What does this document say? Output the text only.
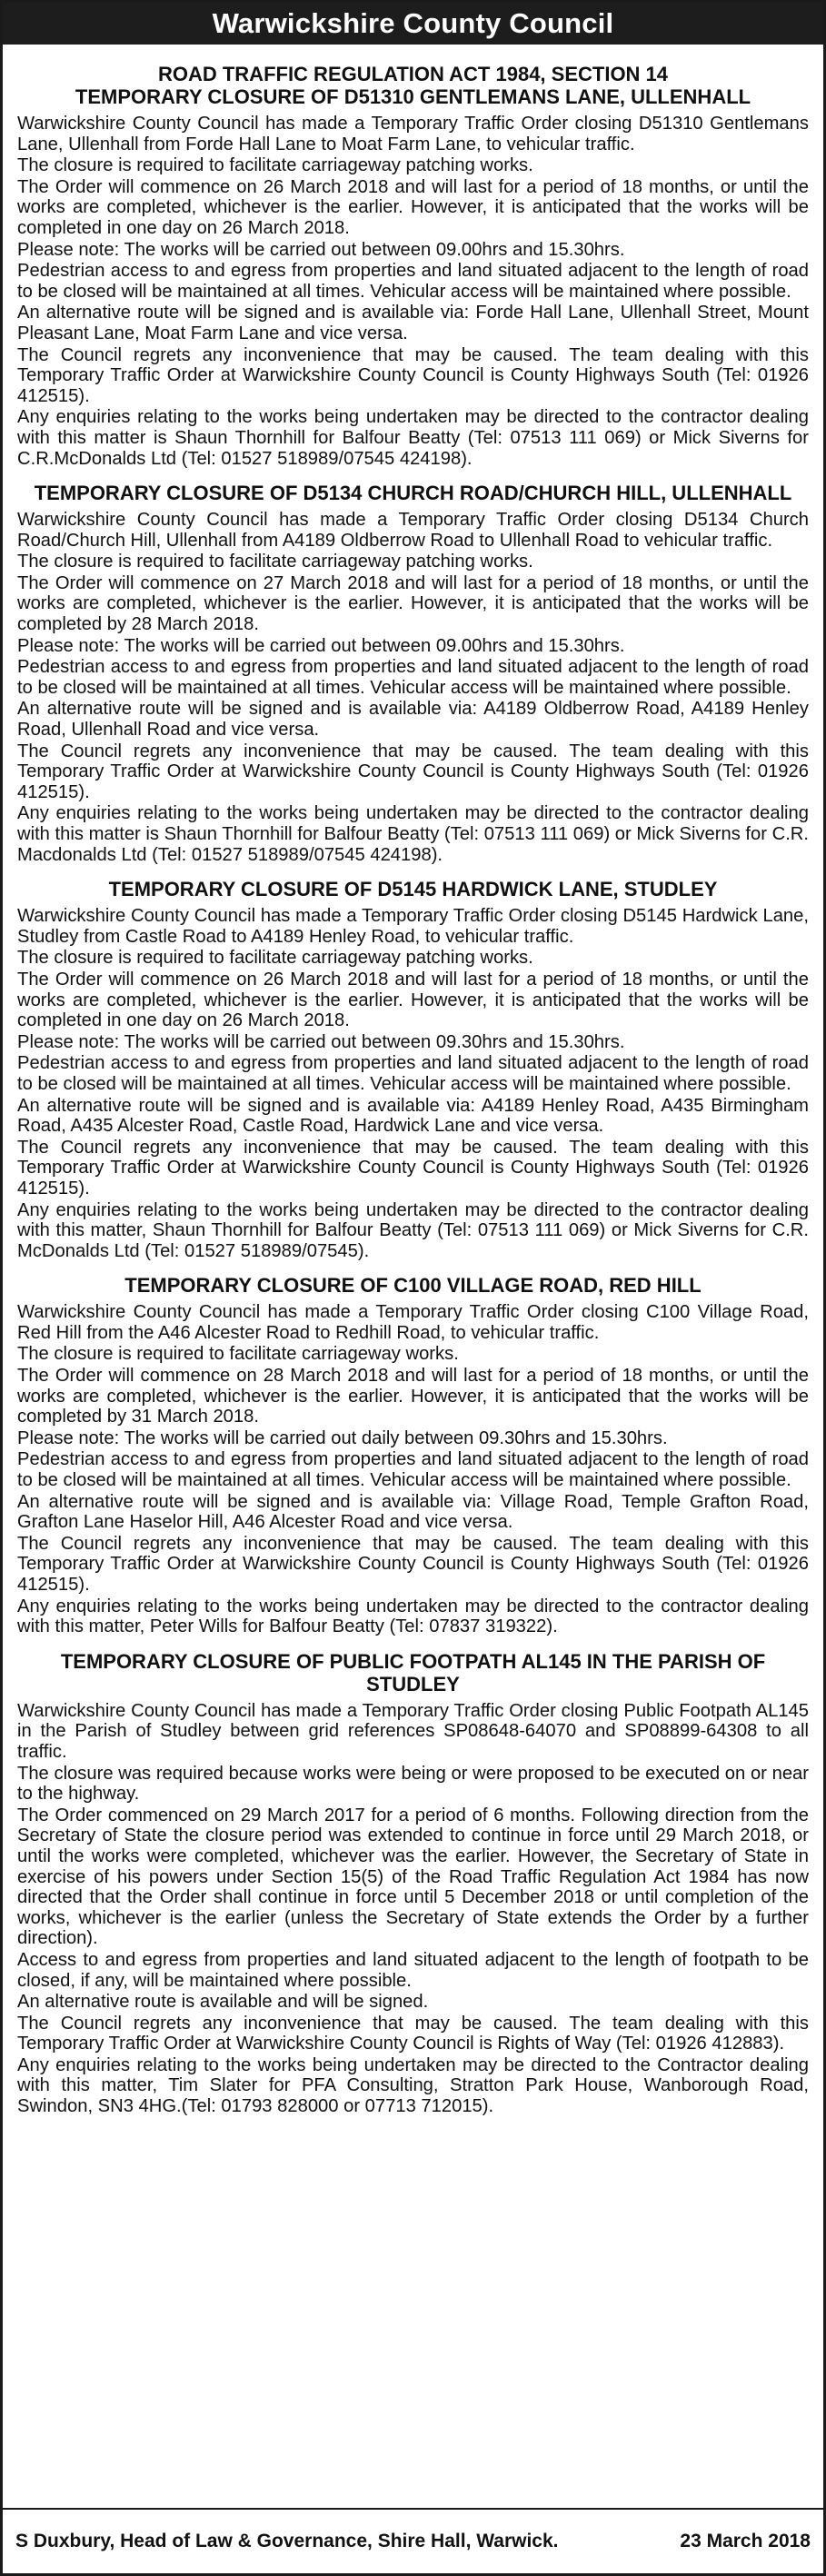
Warwickshire County Council
ROAD TRAFFIC REGULATION ACT 1984, SECTION 14
TEMPORARY CLOSURE OF D51310 GENTLEMANS LANE, ULLENHALL

Warwickshire County Council has made a Temporary Traffic Order closing D51310 Gentlemans Lane, Ullenhall from Forde Hall Lane to Moat Farm Lane, to vehicular traffic.

The closure is required to facilitate carriageway patching works.

The Order will commence on 26 March 2018 and will last for a period of 18 months, or until the works are completed, whichever is the earlier. However, it is anticipated that the works will be completed in one day on 26 March 2018.

Please note: The works will be carried out between 09.00hrs and 15.30hrs.

Pedestrian access to and egress from properties and land situated adjacent to the length of road to be closed will be maintained at all times. Vehicular access will be maintained where possible.

An alternative route will be signed and is available via: Forde Hall Lane, Ullenhall Street, Mount Pleasant Lane, Moat Farm Lane and vice versa.

The Council regrets any inconvenience that may be caused. The team dealing with this Temporary Traffic Order at Warwickshire County Council is County Highways South (Tel: 01926 412515).

Any enquiries relating to the works being undertaken may be directed to the contractor dealing with this matter is Shaun Thornhill for Balfour Beatty (Tel: 07513 111 069) or Mick Siverns for C.R.McDonalds Ltd (Tel: 01527 518989/07545 424198).

TEMPORARY CLOSURE OF D5134 CHURCH ROAD/CHURCH HILL, ULLENHALL

Warwickshire County Council has made a Temporary Traffic Order closing D5134 Church Road/Church Hill, Ullenhall from A4189 Oldberrow Road to Ullenhall Road to vehicular traffic.

The closure is required to facilitate carriageway patching works.

The Order will commence on 27 March 2018 and will last for a period of 18 months, or until the works are completed, whichever is the earlier. However, it is anticipated that the works will be completed by 28 March 2018.

Please note: The works will be carried out between 09.00hrs and 15.30hrs.

Pedestrian access to and egress from properties and land situated adjacent to the length of road to be closed will be maintained at all times. Vehicular access will be maintained where possible.

An alternative route will be signed and is available via: A4189 Oldberrow Road, A4189 Henley Road, Ullenhall Road and vice versa.

The Council regrets any inconvenience that may be caused. The team dealing with this Temporary Traffic Order at Warwickshire County Council is County Highways South (Tel: 01926 412515).

Any enquiries relating to the works being undertaken may be directed to the contractor dealing with this matter is Shaun Thornhill for Balfour Beatty (Tel: 07513 111 069) or Mick Siverns for C.R. Macdonalds Ltd (Tel: 01527 518989/07545 424198).

TEMPORARY CLOSURE OF D5145 HARDWICK LANE, STUDLEY

Warwickshire County Council has made a Temporary Traffic Order closing D5145 Hardwick Lane, Studley from Castle Road to A4189 Henley Road, to vehicular traffic.

The closure is required to facilitate carriageway patching works.

The Order will commence on 26 March 2018 and will last for a period of 18 months, or until the works are completed, whichever is the earlier. However, it is anticipated that the works will be completed in one day on 26 March 2018.

Please note: The works will be carried out between 09.30hrs and 15.30hrs.

Pedestrian access to and egress from properties and land situated adjacent to the length of road to be closed will be maintained at all times. Vehicular access will be maintained where possible.

An alternative route will be signed and is available via: A4189 Henley Road, A435 Birmingham Road, A435 Alcester Road, Castle Road, Hardwick Lane and vice versa.

The Council regrets any inconvenience that may be caused. The team dealing with this Temporary Traffic Order at Warwickshire County Council is County Highways South (Tel: 01926 412515).

Any enquiries relating to the works being undertaken may be directed to the contractor dealing with this matter, Shaun Thornhill for Balfour Beatty (Tel: 07513 111 069) or Mick Siverns for C.R. McDonalds Ltd (Tel: 01527 518989/07545).

TEMPORARY CLOSURE OF C100 VILLAGE ROAD, RED HILL

Warwickshire County Council has made a Temporary Traffic Order closing C100 Village Road, Red Hill from the A46 Alcester Road to Redhill Road, to vehicular traffic.

The closure is required to facilitate carriageway works.

The Order will commence on 28 March 2018 and will last for a period of 18 months, or until the works are completed, whichever is the earlier. However, it is anticipated that the works will be completed by 31 March 2018.

Please note: The works will be carried out daily between 09.30hrs and 15.30hrs.

Pedestrian access to and egress from properties and land situated adjacent to the length of road to be closed will be maintained at all times. Vehicular access will be maintained where possible.

An alternative route will be signed and is available via: Village Road, Temple Grafton Road, Grafton Lane Haselor Hill, A46 Alcester Road and vice versa.

The Council regrets any inconvenience that may be caused. The team dealing with this Temporary Traffic Order at Warwickshire County Council is County Highways South (Tel: 01926 412515).

Any enquiries relating to the works being undertaken may be directed to the contractor dealing with this matter, Peter Wills for Balfour Beatty (Tel: 07837 319322).

TEMPORARY CLOSURE OF PUBLIC FOOTPATH AL145 IN THE PARISH OF STUDLEY

Warwickshire County Council has made a Temporary Traffic Order closing Public Footpath AL145 in the Parish of Studley between grid references SP08648-64070 and SP08899-64308 to all traffic.

The closure was required because works were being or were proposed to be executed on or near to the highway.

The Order commenced on 29 March 2017 for a period of 6 months. Following direction from the Secretary of State the closure period was extended to continue in force until 29 March 2018, or until the works were completed, whichever was the earlier. However, the Secretary of State in exercise of his powers under Section 15(5) of the Road Traffic Regulation Act 1984 has now directed that the Order shall continue in force until 5 December 2018 or until completion of the works, whichever is the earlier (unless the Secretary of State extends the Order by a further direction).

Access to and egress from properties and land situated adjacent to the length of footpath to be closed, if any, will be maintained where possible.

An alternative route is available and will be signed.

The Council regrets any inconvenience that may be caused. The team dealing with this Temporary Traffic Order at Warwickshire County Council is Rights of Way (Tel: 01926 412883).

Any enquiries relating to the works being undertaken may be directed to the Contractor dealing with this matter, Tim Slater for PFA Consulting, Stratton Park House, Wanborough Road, Swindon, SN3 4HG.(Tel: 01793 828000 or 07713 712015).

S Duxbury, Head of Law & Governance, Shire Hall, Warwick.	23 March 2018
